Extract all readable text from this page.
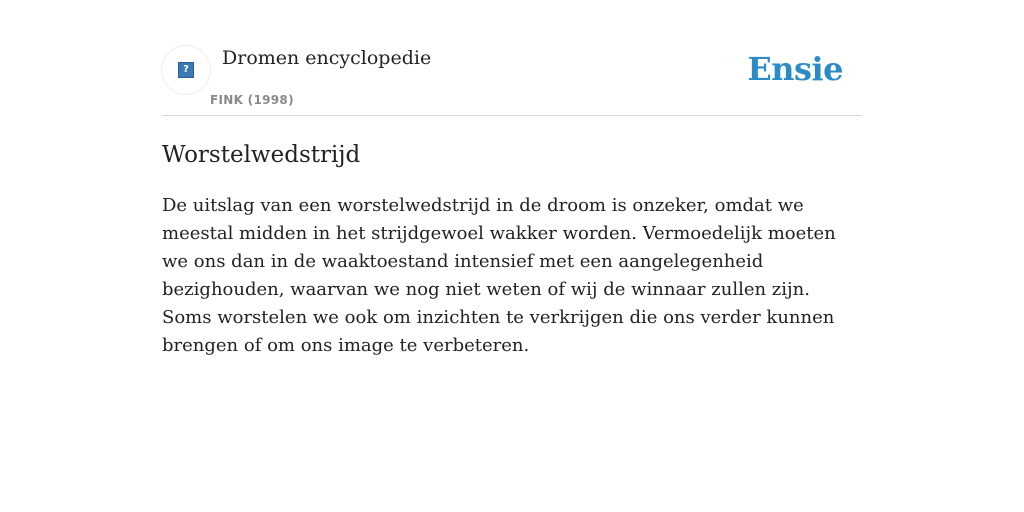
?
Dromen encyclopedie
FINK (1998)
Ensie
Worstelwedstrijd

De uitslag van een worstelwedstrijd in de droom is onzeker, omdat we meestal midden in het strijdgewoel wakker worden. Vermoedelijk moeten we ons dan in de waaktoestand intensief met een aangelegenheid bezighouden, waarvan we nog niet weten of wij de winnaar zullen zijn. Soms worstelen we ook om inzichten te verkrijgen die ons verder kunnen brengen of om ons image te verbeteren.
